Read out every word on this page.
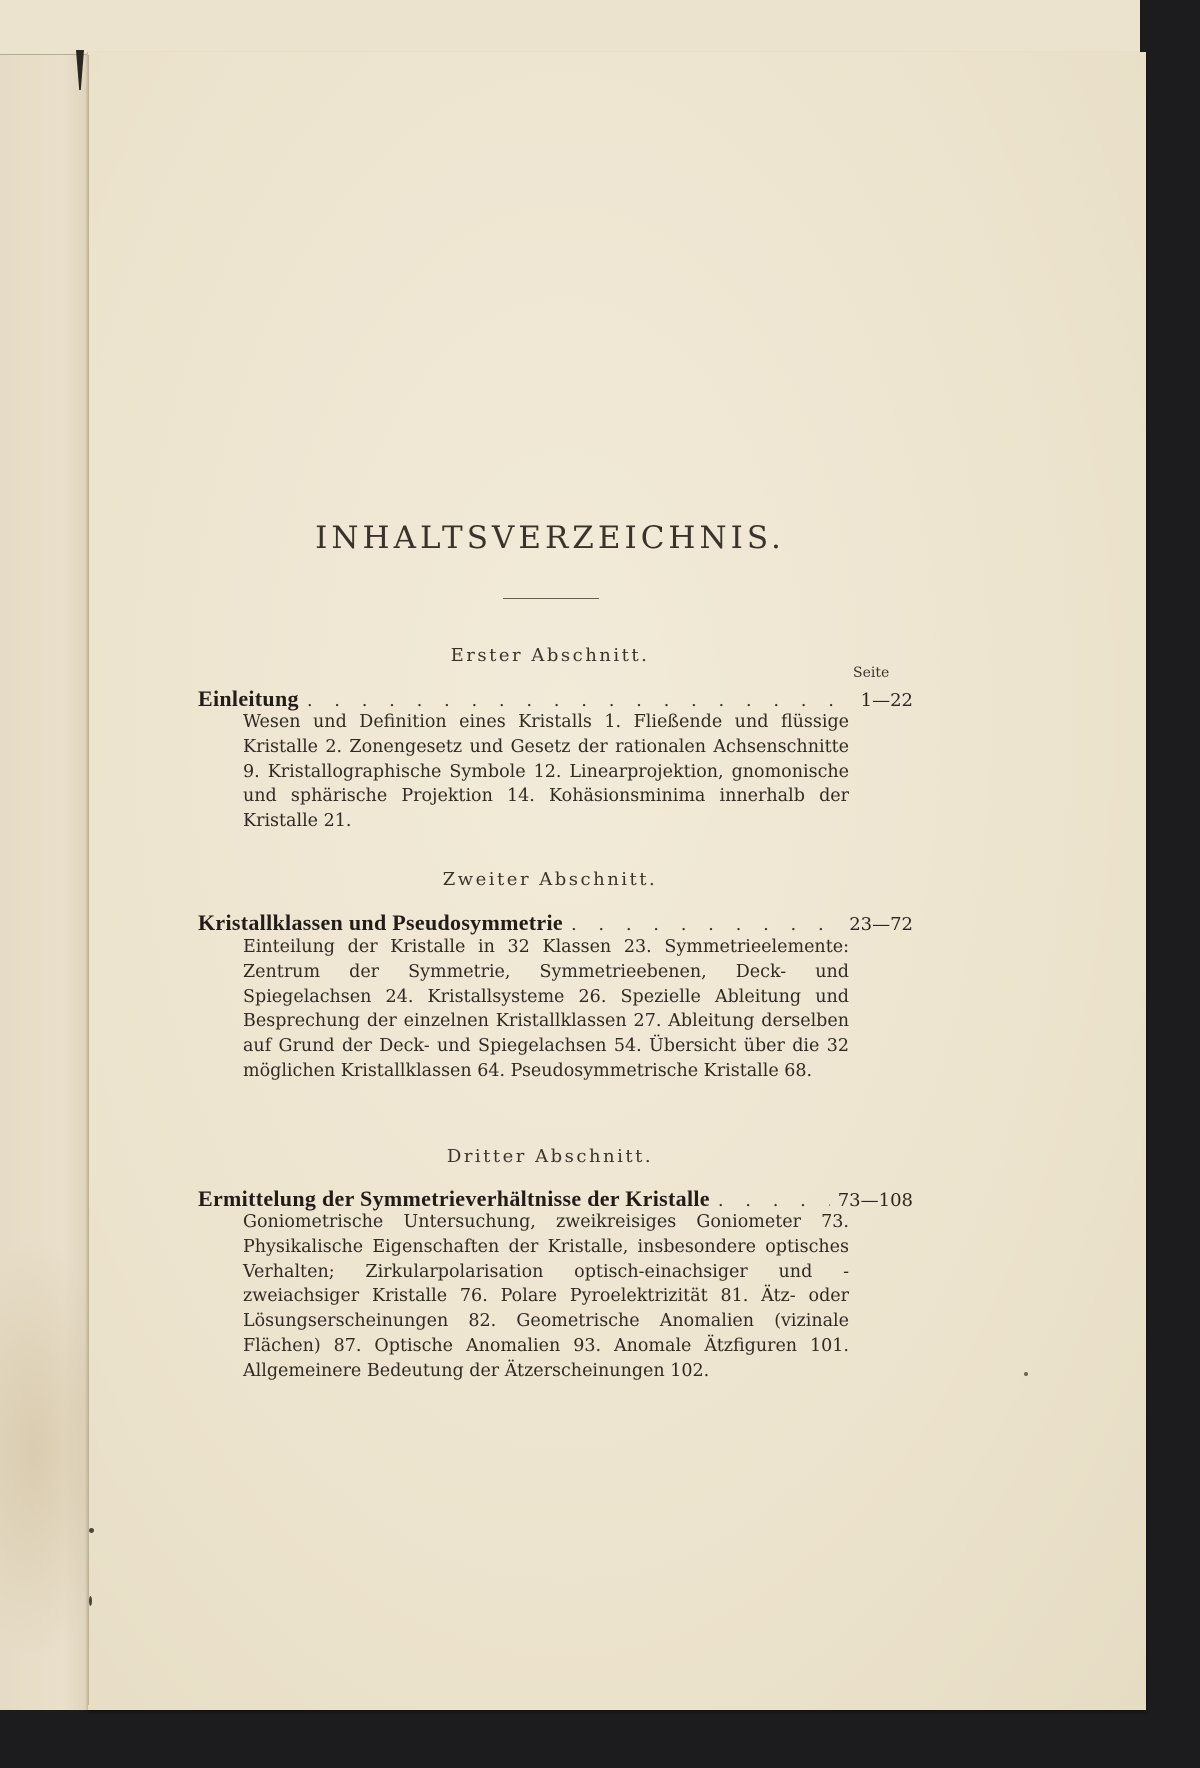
INHALTSVERZEICHNIS.
Erster Abschnitt.
Seite
Einleitung . . .	1—22

Wesen und Definition eines Kristalls 1. Fließende und flüssige Kristalle 2. Zonengesetz und Gesetz der rationalen Achsenschnitte 9. Kristallographische Symbole 12. Linearprojektion, gnomonische und sphärische Projektion 14. Kohäsionsminima innerhalb der Kristalle 21.

Zweiter Abschnitt.
Kristallklassen und Pseudosymmetrie . . .	23—72

Einteilung der Kristalle in 32 Klassen 23. Symmetrieelemente: Zentrum der Symmetrie, Symmetrieebenen, Deck- und Spiegelachsen 24. Kristallsysteme 26. Spezielle Ableitung und Besprechung der einzelnen Kristallklassen 27. Ableitung derselben auf Grund der Deck- und Spiegelachsen 54. Übersicht über die 32 möglichen Kristallklassen 64. Pseudosymmetrische Kristalle 68.

Dritter Abschnitt.
Ermittelung der Symmetrieverhältnisse der Kristalle . . .	73—108

Goniometrische Untersuchung, zweikreisiges Goniometer 73. Physikalische Eigenschaften der Kristalle, insbesondere optisches Verhalten; Zirkularpolarisation optisch-einachsiger und -zweiachsiger Kristalle 76. Polare Pyroelektrizität 81. Ätz- oder Lösungserscheinungen 82. Geometrische Anomalien (vizinale Flächen) 87. Optische Anomalien 93. Anomale Ätzfiguren 101. Allgemeinere Bedeutung der Ätzerscheinungen 102.
